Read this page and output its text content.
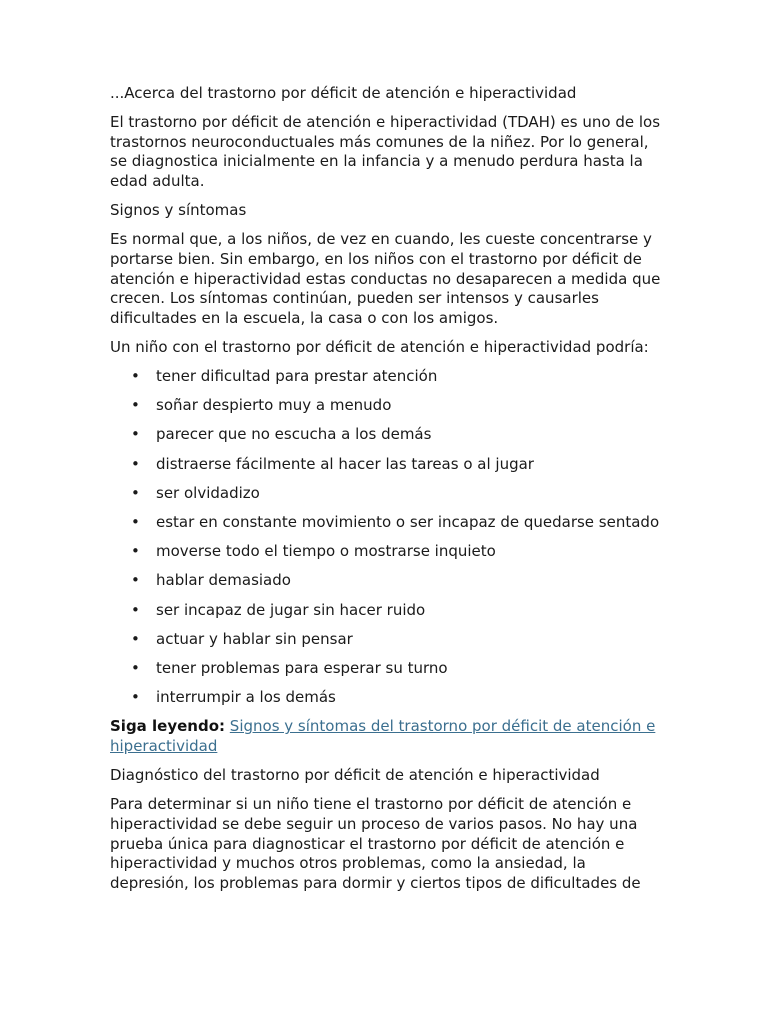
...Acerca del trastorno por déficit de atención e hiperactividad

El trastorno por déficit de atención e hiperactividad (TDAH) es uno de los trastornos neuroconductuales más comunes de la niñez. Por lo general, se diagnostica inicialmente en la infancia y a menudo perdura hasta la edad adulta.

Signos y síntomas

Es normal que, a los niños, de vez en cuando, les cueste concentrarse y portarse bien. Sin embargo, en los niños con el trastorno por déficit de atención e hiperactividad estas conductas no desaparecen a medida que crecen. Los síntomas continúan, pueden ser intensos y causarles dificultades en la escuela, la casa o con los amigos.

Un niño con el trastorno por déficit de atención e hiperactividad podría:

• tener dificultad para prestar atención
• soñar despierto muy a menudo
• parecer que no escucha a los demás
• distraerse fácilmente al hacer las tareas o al jugar
• ser olvidadizo
• estar en constante movimiento o ser incapaz de quedarse sentado
• moverse todo el tiempo o mostrarse inquieto
• hablar demasiado
• ser incapaz de jugar sin hacer ruido
• actuar y hablar sin pensar
• tener problemas para esperar su turno
• interrumpir a los demás

Siga leyendo: Signos y síntomas del trastorno por déficit de atención e hiperactividad

Diagnóstico del trastorno por déficit de atención e hiperactividad

Para determinar si un niño tiene el trastorno por déficit de atención e hiperactividad se debe seguir un proceso de varios pasos. No hay una prueba única para diagnosticar el trastorno por déficit de atención e hiperactividad y muchos otros problemas, como la ansiedad, la depresión, los problemas para dormir y ciertos tipos de dificultades de
